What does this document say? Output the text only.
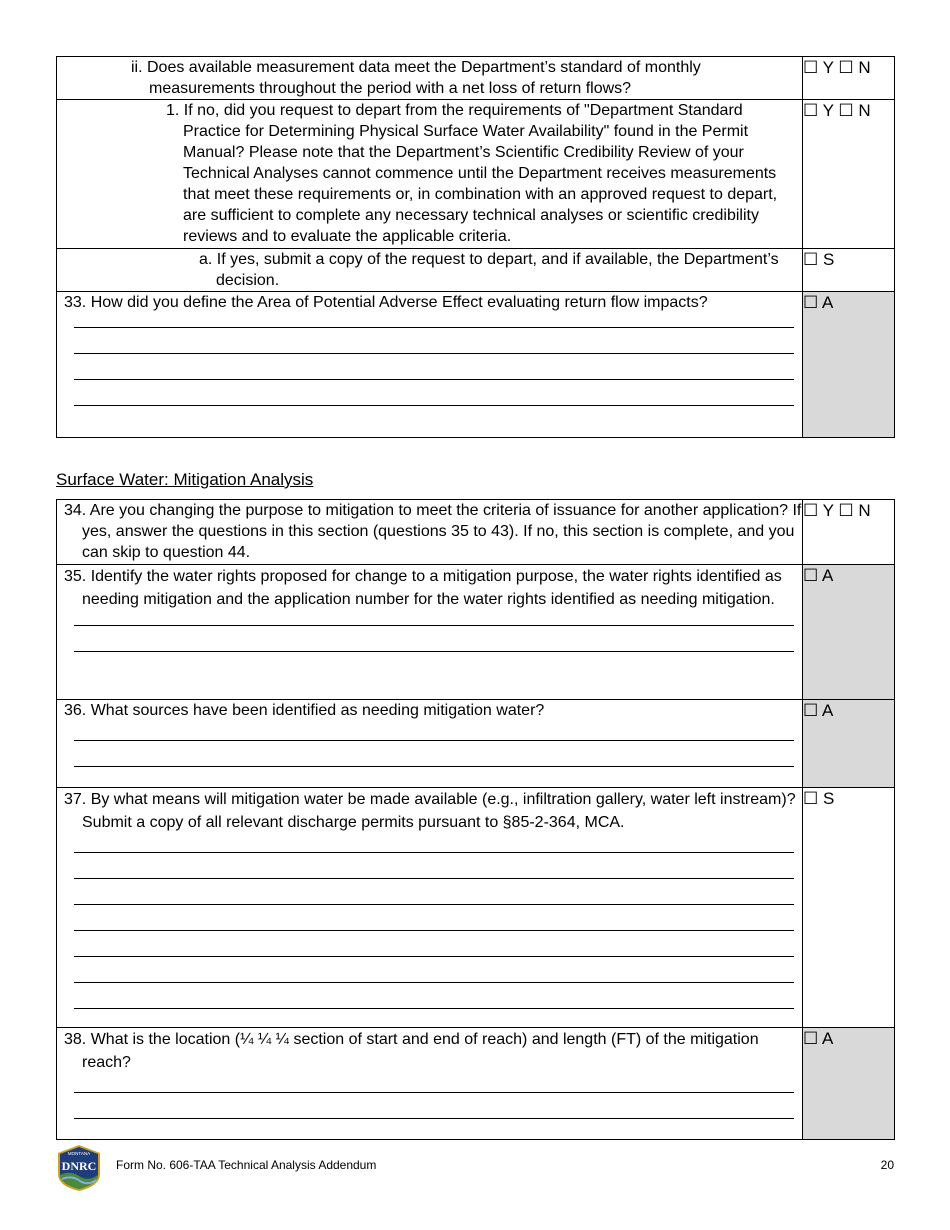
ii. Does available measurement data meet the Department’s standard of monthly measurements throughout the period with a net loss of return flows?	☐ Y ☐ N

1. If no, did you request to depart from the requirements of "Department Standard Practice for Determining Physical Surface Water Availability" found in the Permit Manual? Please note that the Department’s Scientific Credibility Review of your Technical Analyses cannot commence until the Department receives measurements that meet these requirements or, in combination with an approved request to depart, are sufficient to complete any necessary technical analyses or scientific credibility reviews and to evaluate the applicable criteria.	☐ Y ☐ N

a. If yes, submit a copy of the request to depart, and if available, the Department’s decision.	☐ S

33. How did you define the Area of Potential Adverse Effect evaluating return flow impacts?	☐ A
Surface Water: Mitigation Analysis
34. Are you changing the purpose to mitigation to meet the criteria of issuance for another application? If yes, answer the questions in this section (questions 35 to 43). If no, this section is complete, and you can skip to question 44.	☐ Y ☐ N

35. Identify the water rights proposed for change to a mitigation purpose, the water rights identified as needing mitigation and the application number for the water rights identified as needing mitigation.	☐ A

36. What sources have been identified as needing mitigation water?	☐ A

37. By what means will mitigation water be made available (e.g., infiltration gallery, water left instream)? Submit a copy of all relevant discharge permits pursuant to §85-2-364, MCA.	☐ S

38. What is the location (¼ ¼ ¼ section of start and end of reach) and length (FT) of the mitigation reach?	☐ A
MONTANA
DNRC Form No. 606-TAA Technical Analysis Addendum	20
